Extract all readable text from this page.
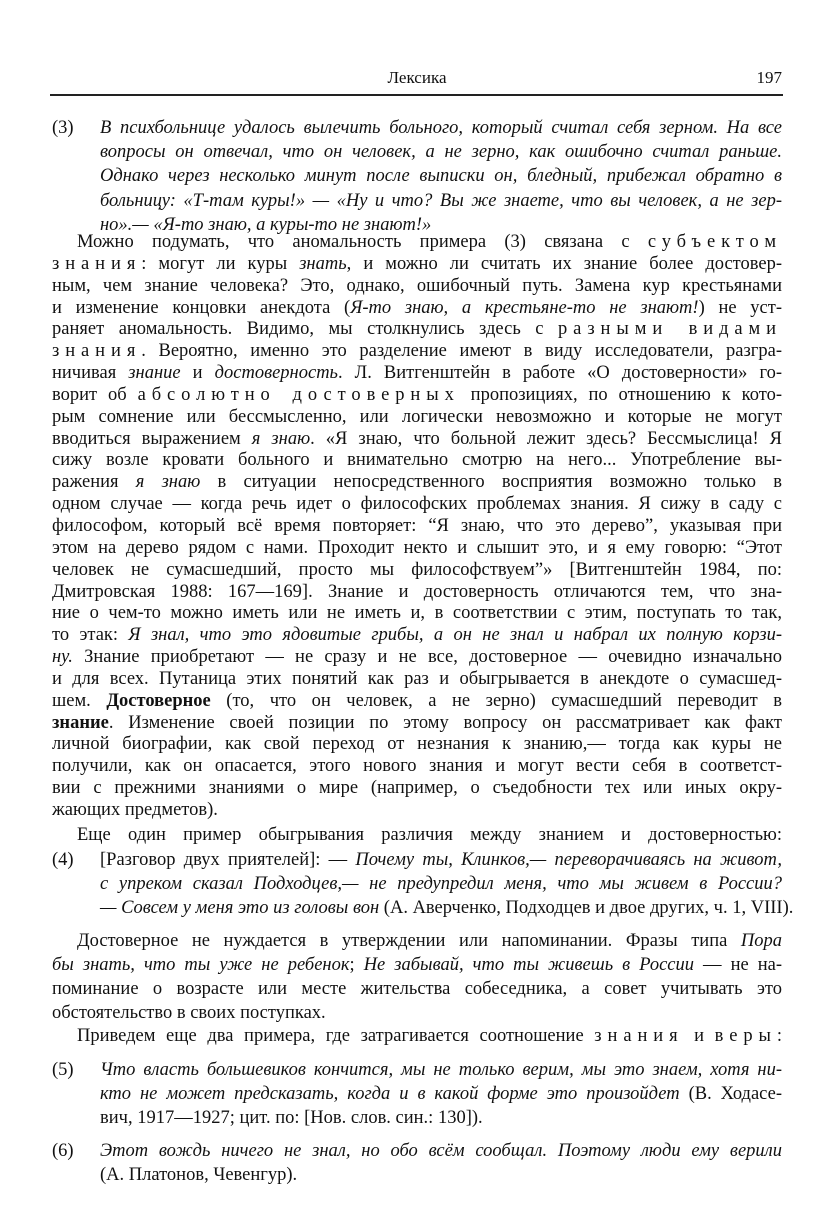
Лексика	197
(3) В психбольнице удалось вылечить больного, который считал себя зерном. На все
вопросы он отвечал, что он человек, а не зерно, как ошибочно считал раньше.
Однако через несколько минут после выписки он, бледный, прибежал обратно в
больницу: «Т-там куры!» — «Ну и что? Вы же знаете, что вы человек, а не зер-
но».— «Я-то знаю, а куры-то не знают!»
Можно подумать, что аномальность примера (3) связана с субъектом
знания: могут ли куры знать, и можно ли считать их знание более достовер-
ным, чем знание человека? Это, однако, ошибочный путь. Замена кур крестьянами
и изменение концовки анекдота (Я-то знаю, а крестьяне-то не знают!) не уст-
раняет аномальность. Видимо, мы столкнулись здесь с разными видами
знания. Вероятно, именно это разделение имеют в виду исследователи, разгра-
ничивая знание и достоверность. Л. Витгенштейн в работе «О достоверности» го-
ворит об абсолютно достоверных пропозициях, по отношению к кото-
рым сомнение или бессмысленно, или логически невозможно и которые не могут
вводиться выражением я знаю. «Я знаю, что больной лежит здесь? Бессмыслица! Я
сижу возле кровати больного и внимательно смотрю на него... Употребление вы-
ражения я знаю в ситуации непосредственного восприятия возможно только в
одном случае — когда речь идет о философских проблемах знания. Я сижу в саду с
философом, который всё время повторяет: “Я знаю, что это дерево”, указывая при
этом на дерево рядом с нами. Проходит некто и слышит это, и я ему говорю: “Этот
человек не сумасшедший, просто мы философствуем”» [Витгенштейн 1984, по:
Дмитровская 1988: 167—169]. Знание и достоверность отличаются тем, что зна-
ние о чем-то можно иметь или не иметь и, в соответствии с этим, поступать то так,
то этак: Я знал, что это ядовитые грибы, а он не знал и набрал их полную корзи-
ну. Знание приобретают — не сразу и не все, достоверное — очевидно изначально
и для всех. Путаница этих понятий как раз и обыгрывается в анекдоте о сумасшед-
шем. Достоверное (то, что он человек, а не зерно) сумасшедший переводит в
знание. Изменение своей позиции по этому вопросу он рассматривает как факт
личной биографии, как свой переход от незнания к знанию,— тогда как куры не
получили, как он опасается, этого нового знания и могут вести себя в соответст-
вии с прежними знаниями о мире (например, о съедобности тех или иных окру-
жающих предметов).
Еще один пример обыгрывания различия между знанием и достоверностью:
(4) [Разговор двух приятелей]: — Почему ты, Клинков,— переворачиваясь на живот,
с упреком сказал Подходцев,— не предупредил меня, что мы живем в России?
— Совсем у меня это из головы вон (А. Аверченко, Подходцев и двое других, ч. 1, VIII).
Достоверное не нуждается в утверждении или напоминании. Фразы типа Пора
бы знать, что ты уже не ребенок; Не забывай, что ты живешь в России — не на-
поминание о возрасте или месте жительства собеседника, а совет учитывать это
обстоятельство в своих поступках.
Приведем еще два примера, где затрагивается соотношение знания и веры:
(5) Что власть большевиков кончится, мы не только верим, мы это знаем, хотя ни-
кто не может предсказать, когда и в какой форме это произойдет (В. Ходасе-
вич, 1917—1927; цит. по: [Нов. слов. син.: 130]).
(6) Этот вождь ничего не знал, но обо всём сообщал. Поэтому люди ему верили
(А. Платонов, Чевенгур).
